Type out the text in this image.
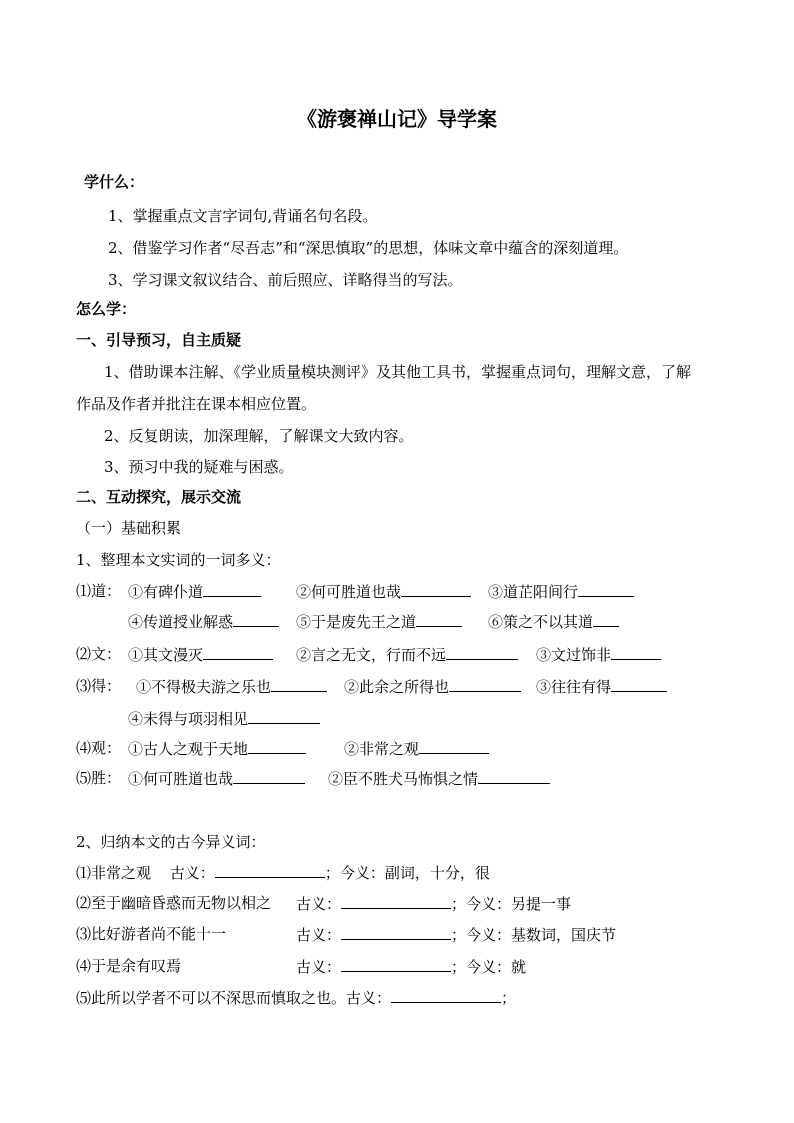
《游褒禅山记》导学案
学什么：
1、掌握重点文言字词句,背诵名句名段。
2、借鉴学习作者“尽吾志”和“深思慎取”的思想，体味文章中蕴含的深刻道理。
3、学习课文叙议结合、前后照应、详略得当的写法。
怎么学：
一、引导预习，自主质疑
1、借助课本注解、《学业质量模块测评》及其他工具书，掌握重点词句，理解文意，了解
作品及作者并批注在课本相应位置。
2、反复朗读，加深理解，了解课文大致内容。
3、预习中我的疑难与困惑。
二、互动探究，展示交流
（一）基础积累
1、整理本文实词的一词多义：
⑴道： ①有碑仆道	②何可胜道也哉	③道芷阳间行
④传道授业解惑	⑤于是废先王之道	⑥策之不以其道
⑵文： ①其文漫灭	②言之无文，行而不远	③文过饰非
⑶得： ①不得极夫游之乐也	②此余之所得也	③往往有得
④未得与项羽相见
⑷观： ①古人之观于天地	②非常之观
⑸胜： ①何可胜道也哉	②臣不胜犬马怖惧之情
2、归纳本文的古今异义词：
⑴非常之观 古义：	；今义：副词，十分，很
⑵至于幽暗昏惑而无物以相之 古义：	；今义：另提一事
⑶比好游者尚不能十一	古义：	；今义：基数词，国庆节
⑷于是余有叹焉	古义：	；今义：就
⑸此所以学者不可以不深思而慎取之也。古义：	；
